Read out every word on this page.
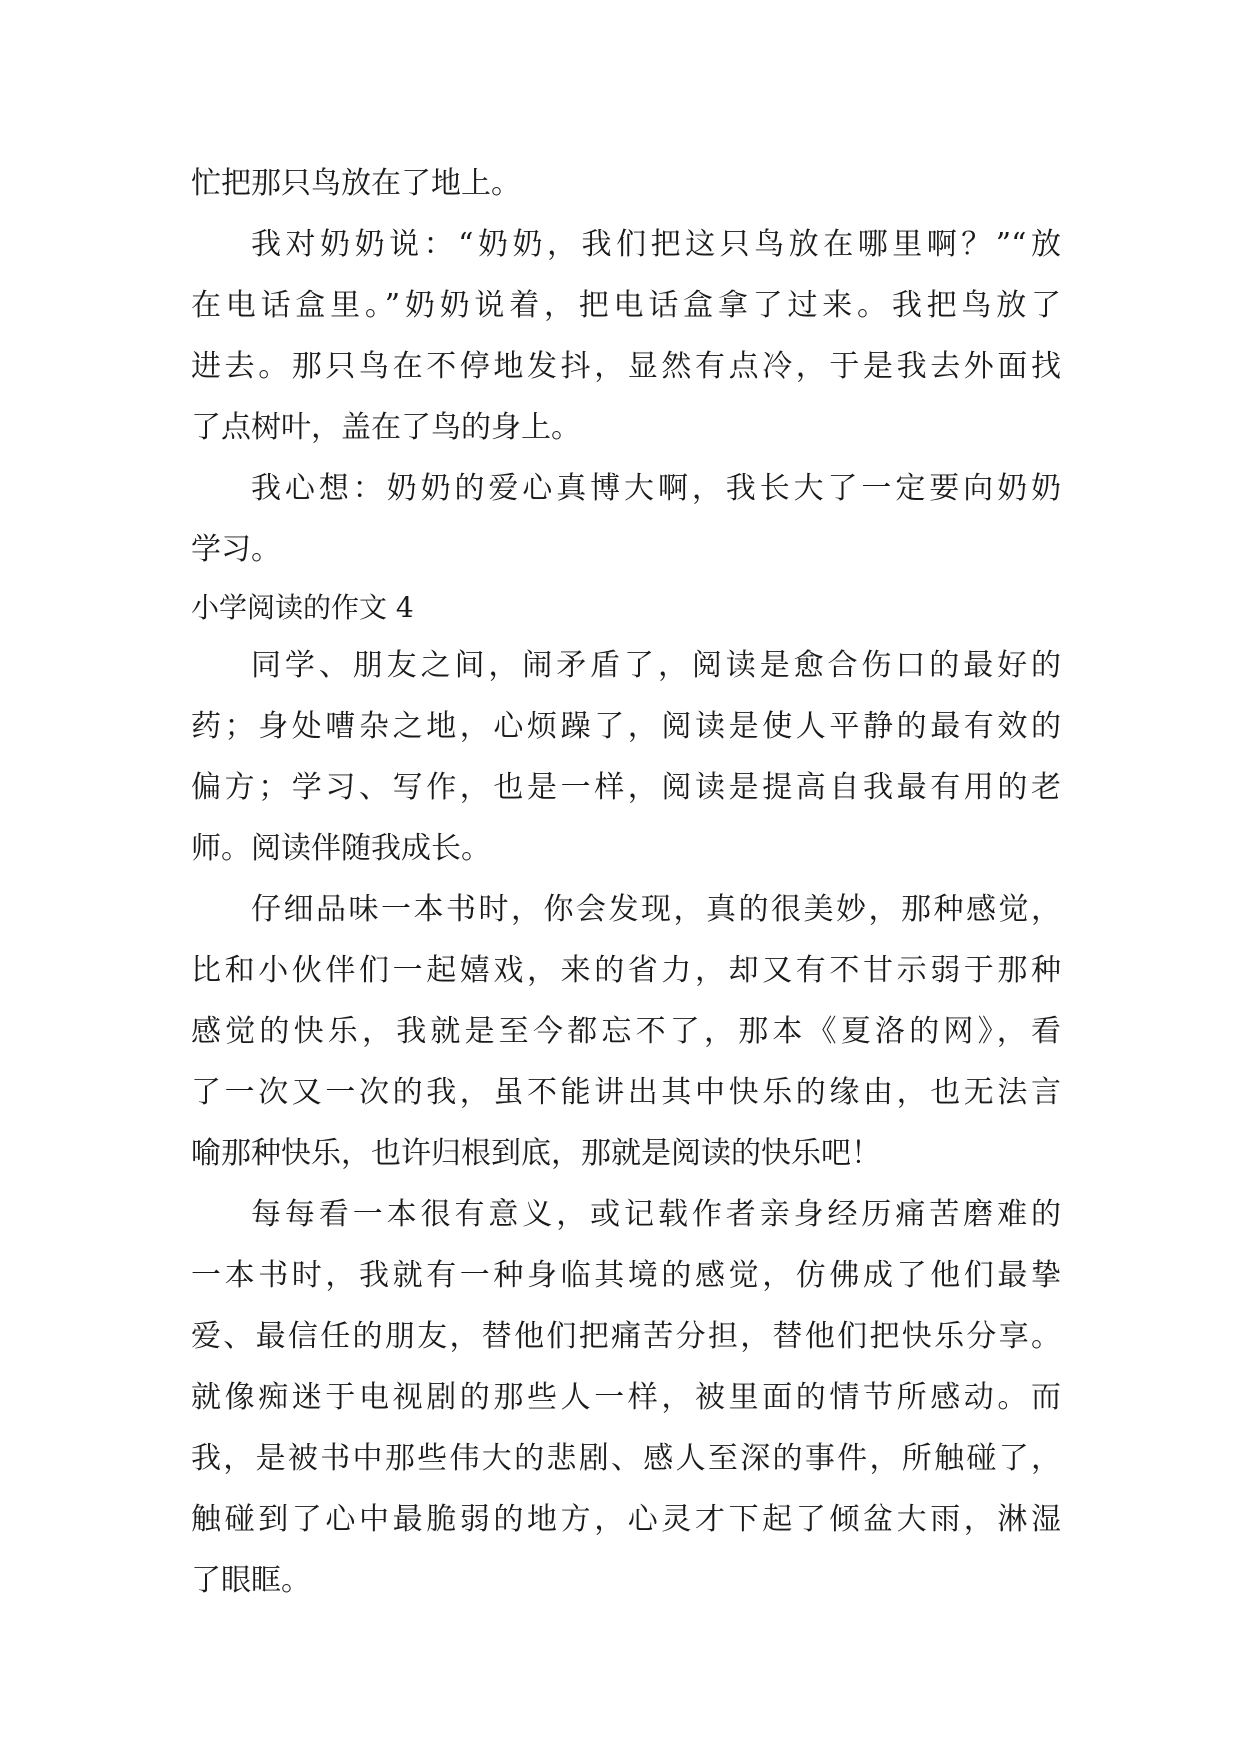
忙把那只鸟放在了地上。
我对奶奶说：“奶奶，我们把这只鸟放在哪里啊？”“放
在电话盒里。”奶奶说着，把电话盒拿了过来。我把鸟放了
进去。那只鸟在不停地发抖，显然有点冷，于是我去外面找
了点树叶，盖在了鸟的身上。
我心想：奶奶的爱心真博大啊，我长大了一定要向奶奶
学习。
小学阅读的作文 4
同学、朋友之间，闹矛盾了，阅读是愈合伤口的最好的
药；身处嘈杂之地，心烦躁了，阅读是使人平静的最有效的
偏方；学习、写作，也是一样，阅读是提高自我最有用的老
师。阅读伴随我成长。
仔细品味一本书时，你会发现，真的很美妙，那种感觉，
比和小伙伴们一起嬉戏，来的省力，却又有不甘示弱于那种
感觉的快乐，我就是至今都忘不了，那本《夏洛的网》，看
了一次又一次的我，虽不能讲出其中快乐的缘由，也无法言
喻那种快乐，也许归根到底，那就是阅读的快乐吧！
每每看一本很有意义，或记载作者亲身经历痛苦磨难的
一本书时，我就有一种身临其境的感觉，仿佛成了他们最挚
爱、最信任的朋友，替他们把痛苦分担，替他们把快乐分享。
就像痴迷于电视剧的那些人一样，被里面的情节所感动。而
我，是被书中那些伟大的悲剧、感人至深的事件，所触碰了，
触碰到了心中最脆弱的地方，心灵才下起了倾盆大雨，淋湿
了眼眶。
